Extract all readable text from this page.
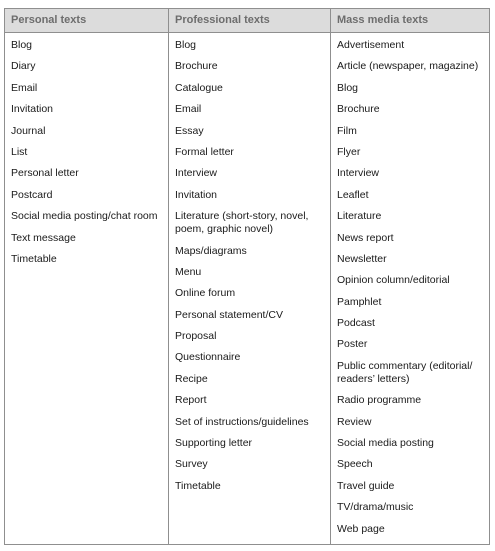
Personal texts	Professional texts	Mass media texts
Blog
Diary
Email
Invitation
Journal
List
Personal letter
Postcard
Social media posting/chat room
Text message
Timetable
Blog
Brochure
Catalogue
Email
Essay
Formal letter
Interview
Invitation
Literature (short-story, novel, poem, graphic novel)
Maps/diagrams
Menu
Online forum
Personal statement/CV
Proposal
Questionnaire
Recipe
Report
Set of instructions/guidelines
Supporting letter
Survey
Timetable
Advertisement
Article (newspaper, magazine)
Blog
Brochure
Film
Flyer
Interview
Leaflet
Literature
News report
Newsletter
Opinion column/editorial
Pamphlet
Podcast
Poster
Public commentary (editorial/ readers’ letters)
Radio programme
Review
Social media posting
Speech
Travel guide
TV/drama/music
Web page
